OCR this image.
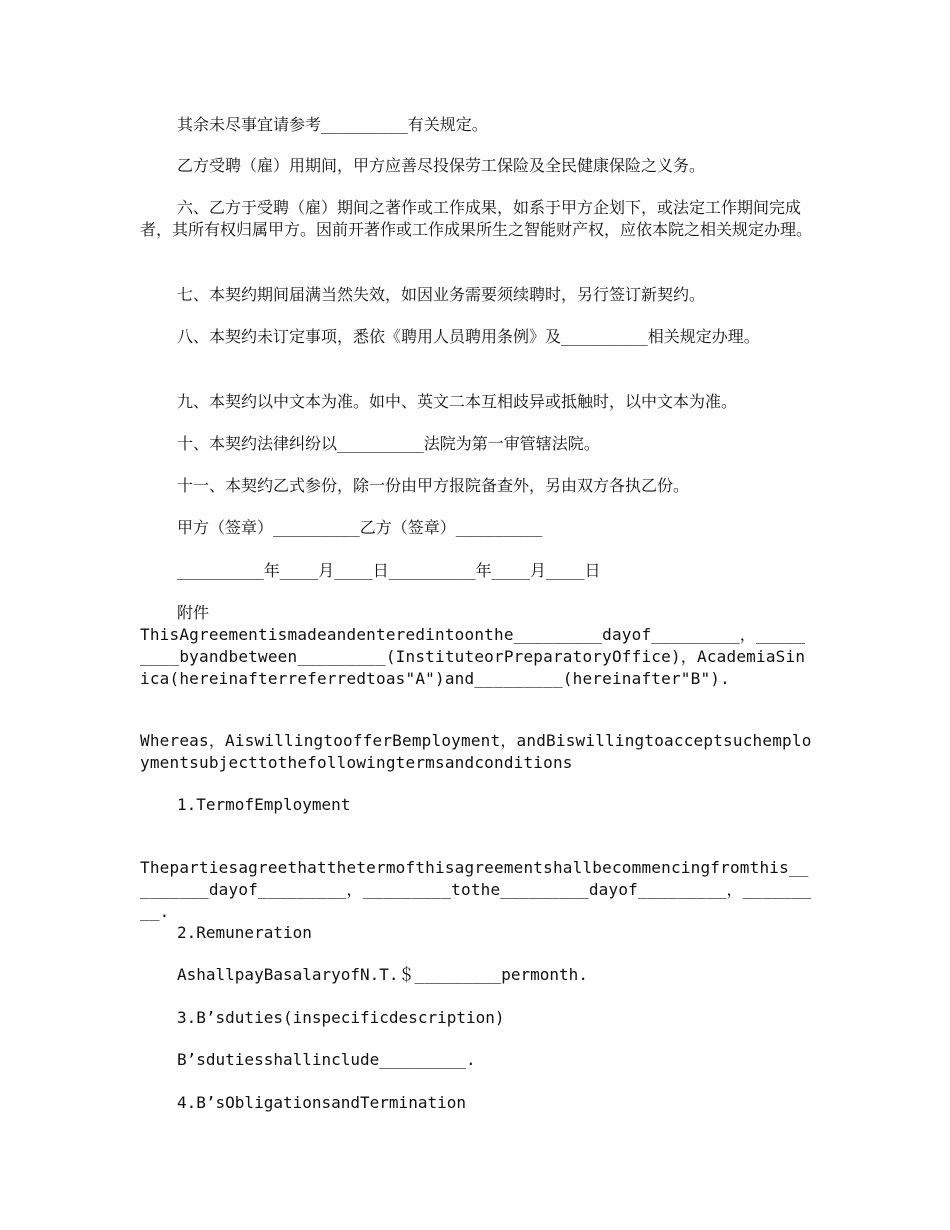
其余未尽事宜请参考_________有关规定。

乙方受聘（雇）用期间，甲方应善尽投保劳工保险及全民健康保险之义务。

六、乙方于受聘（雇）期间之著作或工作成果，如系于甲方企划下，或法定工作期间完成者，其所有权归属甲方。因前开著作或工作成果所生之智能财产权，应依本院之相关规定办理。

七、本契约期间届满当然失效，如因业务需要须续聘时，另行签订新契约。

八、本契约未订定事项，悉依《聘用人员聘用条例》及_________相关规定办理。

九、本契约以中文本为准。如中、英文二本互相歧异或抵触时，以中文本为准。

十、本契约法律纠纷以_________法院为第一审管辖法院。

十一、本契约乙式参份，除一份由甲方报院备查外，另由双方各执乙份。

甲方（签章）_________乙方（签章）_________

_________年____月____日_________年____月____日

附件

ThisAgreementismadeandenteredintoonthe_________dayof_________，_________byandbetween_________(InstituteorPreparatoryOffice)，AcademiaSinica(hereinafterreferredtoas"A")and_________(hereinafter"B").

Whereas，AiswillingtoofferBemployment，andBiswillingtoacceptsuchemploymentsubjecttothefollowingtermsandconditions

1.TermofEmployment

Thepartiesagreethatthetermofthisagreementshallbecommencingfromthis_________dayof_________，_________tothe_________dayof_________，_________.

2.Remuneration

AshallpayBasalaryofN.T.＄_________permonth.

3.B’sduties(inspecificdescription)

B’sdutiesshallinclude_________.

4.B’sObligationsandTermination
